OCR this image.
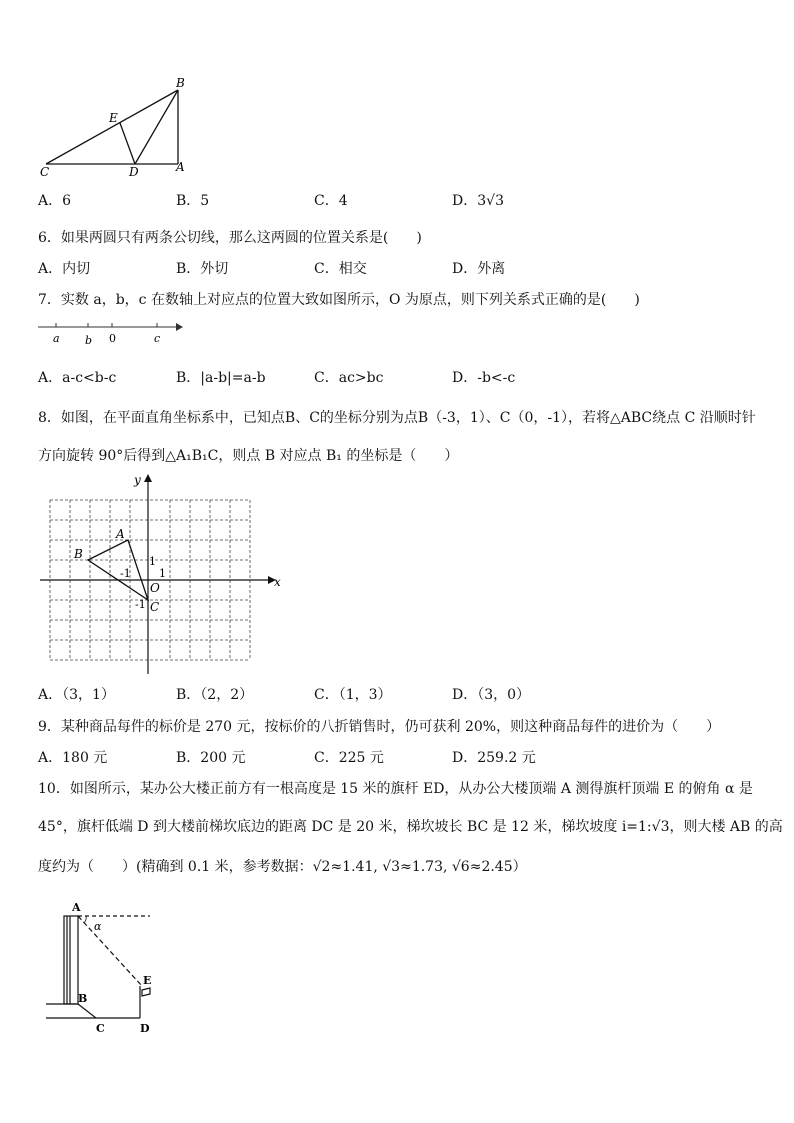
B
E
C	D	A
A．6	B．5	C．4	D．3√3
6．如果两圆只有两条公切线，那么这两圆的位置关系是(　　)
A．内切	B．外切	C．相交	D．外离
7．实数 a，b，c 在数轴上对应点的位置大致如图所示，O 为原点，则下列关系式正确的是(　　)
a b 0	c
A．a-c<b-c	B．|a-b|=a-b	C．ac>bc	D．-b<-c
8．如图，在平面直角坐标系中，已知点B、C的坐标分别为点B（-3，1）、C（0，-1），若将△ABC绕点 C 沿顺时针
方向旋转 90°后得到△A₁B₁C，则点 B 对应点 B₁ 的坐标是（　　）
y
x
A
B
O
C
1
-1	1
-1
A．（3，1）	B．（2，2）	C．（1，3）	D．（3，0）
9．某种商品每件的标价是 270 元，按标价的八折销售时，仍可获利 20%，则这种商品每件的进价为（　　）
A．180 元	B．200 元	C．225 元	D．259.2 元
10．如图所示，某办公大楼正前方有一根高度是 15 米的旗杆 ED，从办公大楼顶端 A 测得旗杆顶端 E 的俯角 α 是
45°，旗杆低端 D 到大楼前梯坎底边的距离 DC 是 20 米，梯坎坡长 BC 是 12 米，梯坎坡度 i=1:√3，则大楼 AB 的高
度约为（　　）(精确到 0.1 米，参考数据：√2≈1.41, √3≈1.73, √6≈2.45）
A
α
E
B
C	D
